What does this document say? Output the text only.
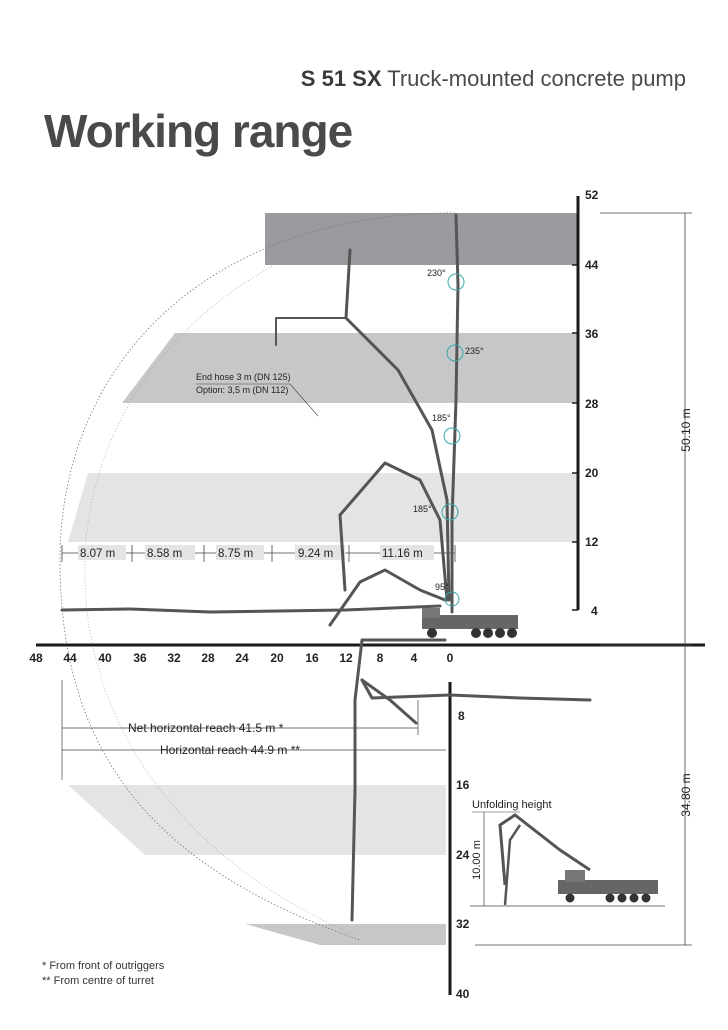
S 51 SX Truck-mounted concrete pump
Working range
52
44
36
28
20
12
4
8
16
24
32
40
48 44 40 36 32 28 24 20 16 12 8 4 0
8.07 m	8.58 m	8.75 m	9.24 m	11.16 m
End hose 3 m (DN 125)
Option: 3,5 m (DN 112)
230°
235°
185°
185°
95°
50.10 m
34.80 m
Net horizontal reach 41.5 m *
Horizontal reach 44.9 m **
Unfolding height
10.00 m
* From front of outriggers
** From centre of turret
